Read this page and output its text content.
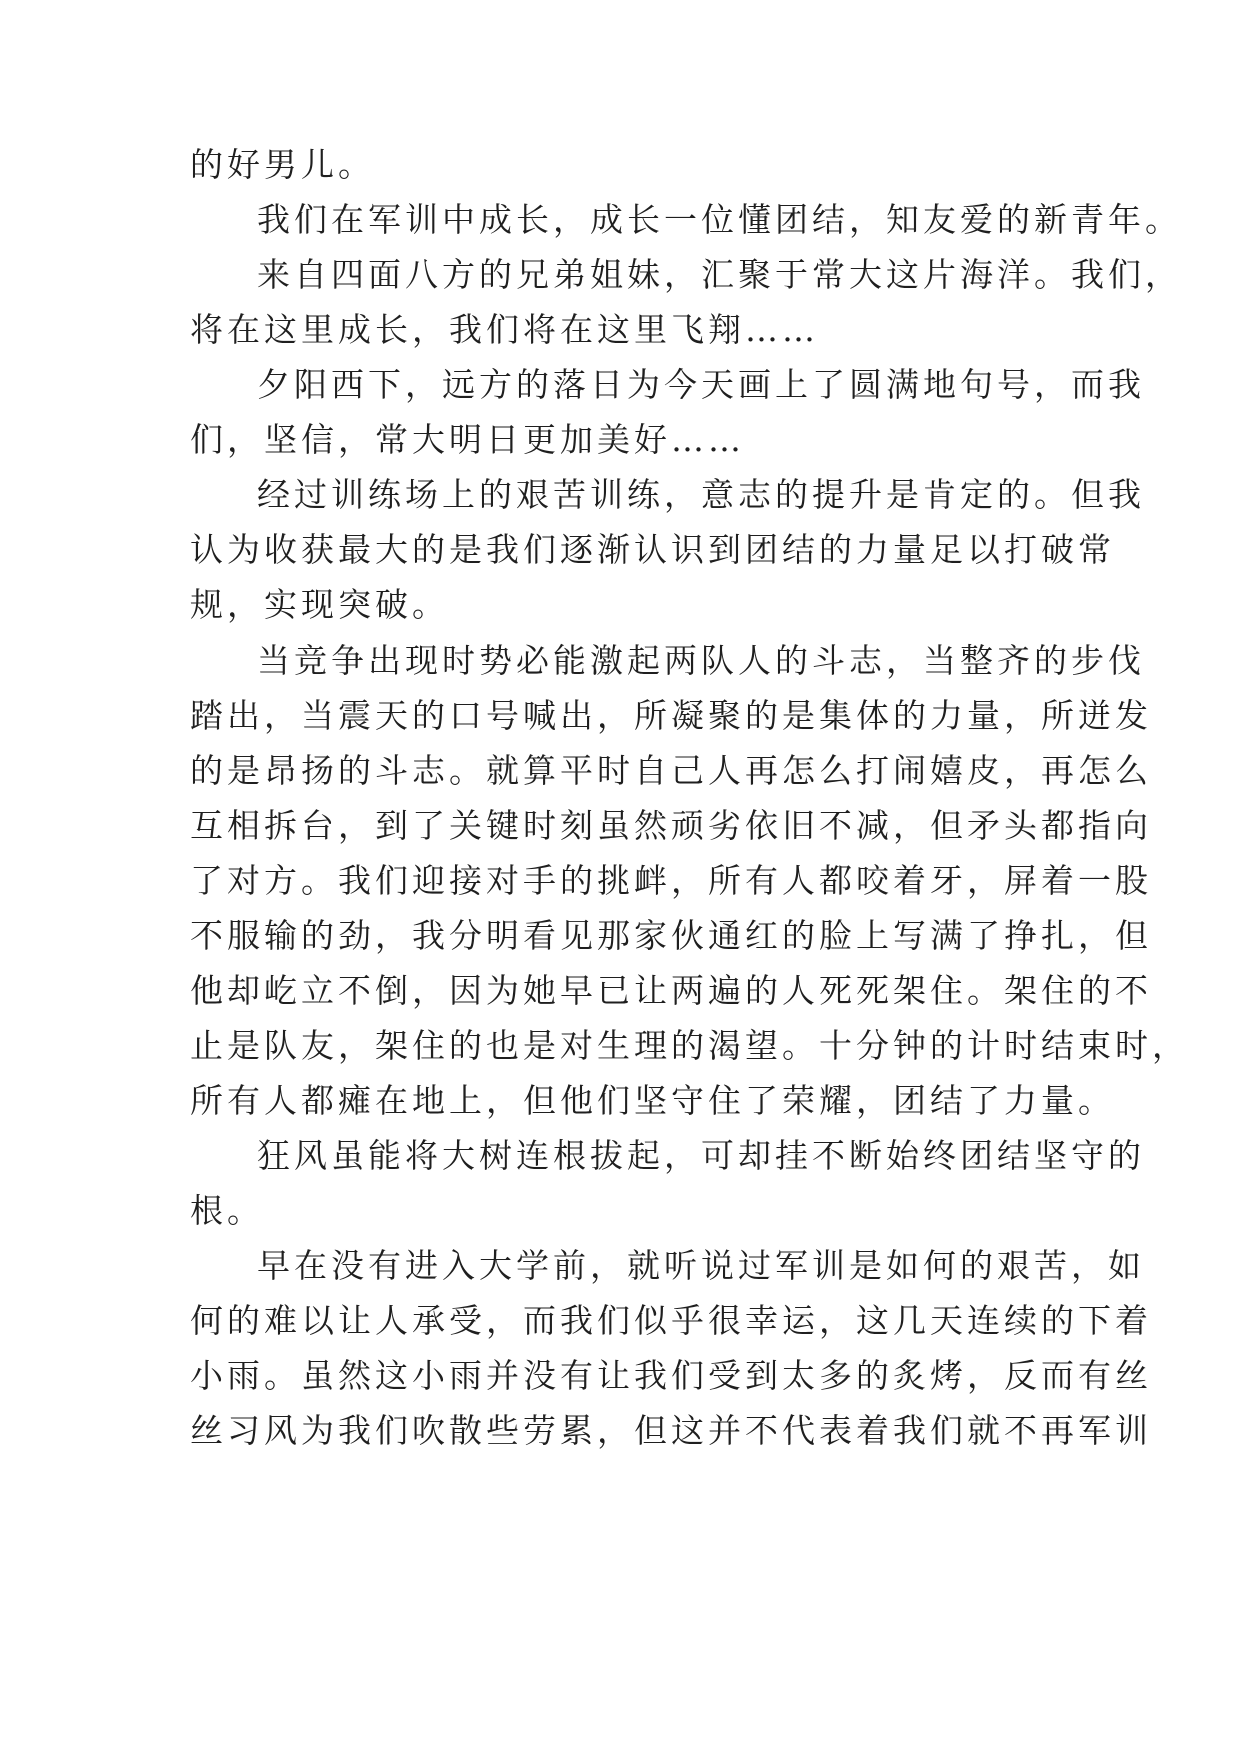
的好男儿。
我们在军训中成长，成长一位懂团结，知友爱的新青年。
来自四面八方的兄弟姐妹，汇聚于常大这片海洋。我们，
将在这里成长，我们将在这里飞翔……
夕阳西下，远方的落日为今天画上了圆满地句号，而我
们，坚信，常大明日更加美好……
经过训练场上的艰苦训练，意志的提升是肯定的。但我
认为收获最大的是我们逐渐认识到团结的力量足以打破常
规，实现突破。
当竞争出现时势必能激起两队人的斗志，当整齐的步伐
踏出，当震天的口号喊出，所凝聚的是集体的力量，所迸发
的是昂扬的斗志。就算平时自己人再怎么打闹嬉皮，再怎么
互相拆台，到了关键时刻虽然顽劣依旧不减，但矛头都指向
了对方。我们迎接对手的挑衅，所有人都咬着牙，屏着一股
不服输的劲，我分明看见那家伙通红的脸上写满了挣扎，但
他却屹立不倒，因为她早已让两遍的人死死架住。架住的不
止是队友，架住的也是对生理的渴望。十分钟的计时结束时，
所有人都瘫在地上，但他们坚守住了荣耀，团结了力量。
狂风虽能将大树连根拔起，可却挂不断始终团结坚守的
根。
早在没有进入大学前，就听说过军训是如何的艰苦，如
何的难以让人承受，而我们似乎很幸运，这几天连续的下着
小雨。虽然这小雨并没有让我们受到太多的炙烤，反而有丝
丝习风为我们吹散些劳累，但这并不代表着我们就不再军训
